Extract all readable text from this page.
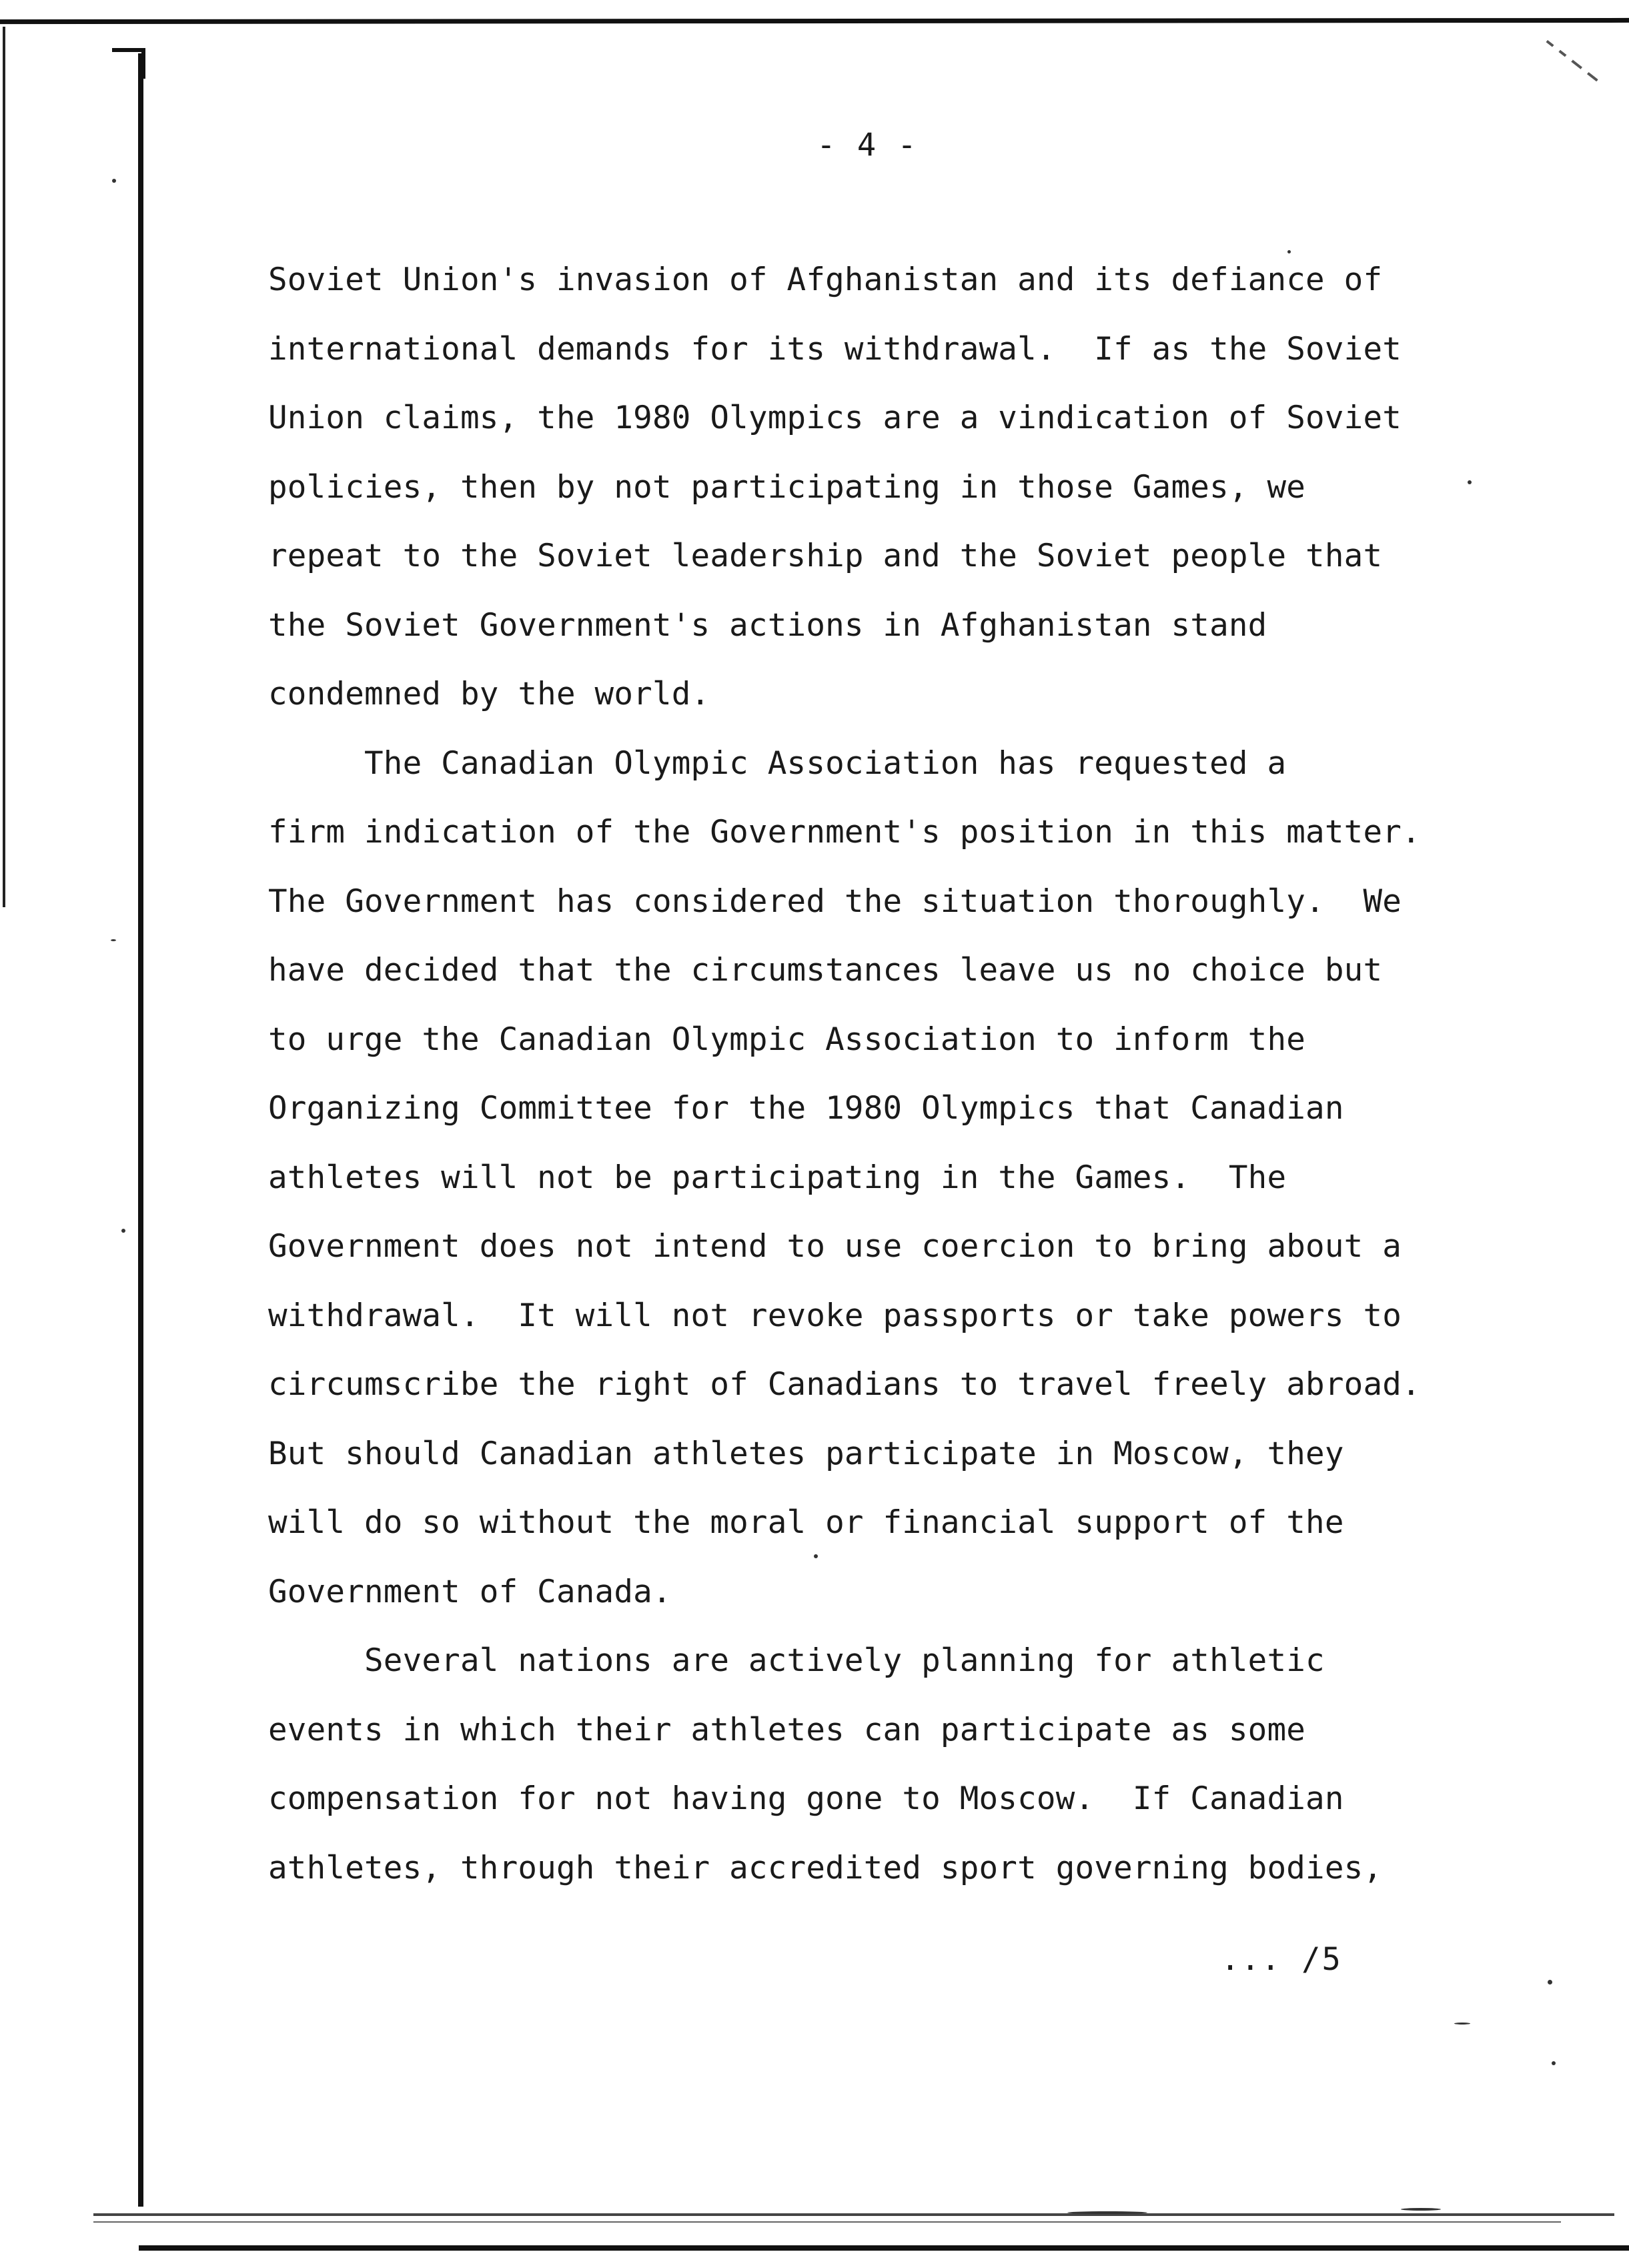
- 4 -
Soviet Union's invasion of Afghanistan and its defiance of
international demands for its withdrawal.  If as the Soviet
Union claims, the 1980 Olympics are a vindication of Soviet
policies, then by not participating in those Games, we
repeat to the Soviet leadership and the Soviet people that
the Soviet Government's actions in Afghanistan stand
condemned by the world.
The Canadian Olympic Association has requested a
firm indication of the Government's position in this matter.
The Government has considered the situation thoroughly.  We
have decided that the circumstances leave us no choice but
to urge the Canadian Olympic Association to inform the
Organizing Committee for the 1980 Olympics that Canadian
athletes will not be participating in the Games.  The
Government does not intend to use coercion to bring about a
withdrawal.  It will not revoke passports or take powers to
circumscribe the right of Canadians to travel freely abroad.
But should Canadian athletes participate in Moscow, they
will do so without the moral or financial support of the
Government of Canada.
Several nations are actively planning for athletic
events in which their athletes can participate as some
compensation for not having gone to Moscow.  If Canadian
athletes, through their accredited sport governing bodies,
... /5
